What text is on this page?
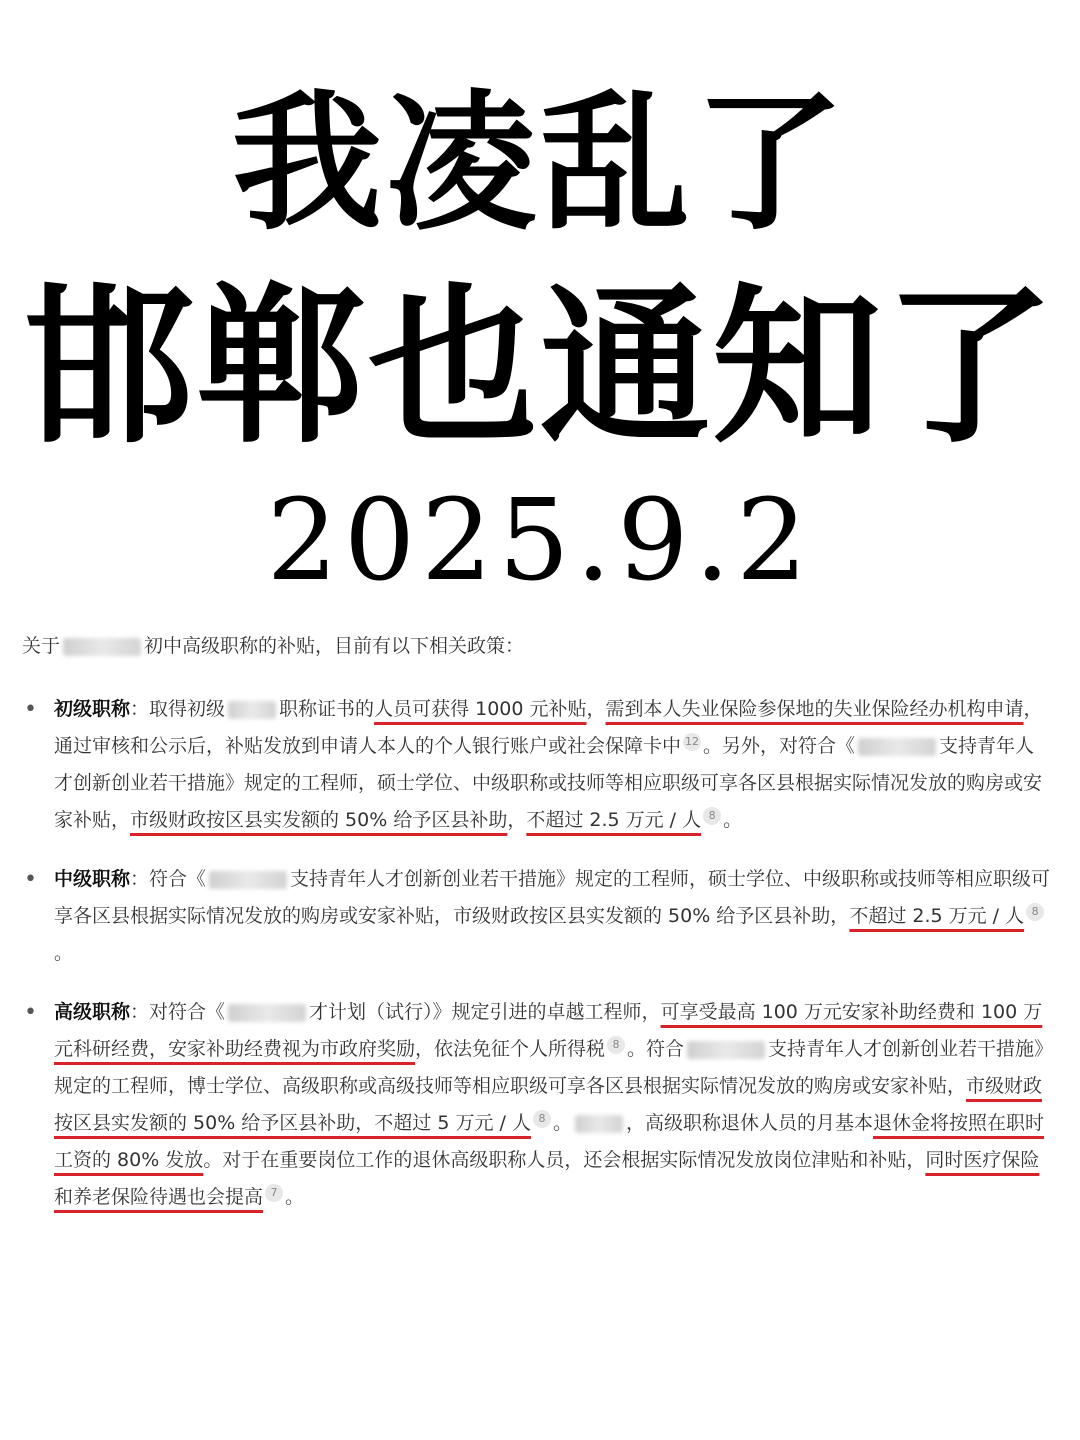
我凌乱了
邯郸也通知了
2025.9.2

关于	初中高级职称的补贴，目前有以下相关政策：

• 初级职称：取得初级	职称证书的人员可获得 1000 元补贴，需到本人失业保险参保地的失业保险经办机构申请，通过审核和公示后，补贴发放到申请人本人的个人银行账户或社会保障卡中 12 。另外，对符合《	支持青年人才创新创业若干措施》规定的工程师，硕士学位、中级职称或技师等相应职级可享各区县根据实际情况发放的购房或安家补贴，市级财政按区县实发额的 50% 给予区县补助，不超过 2.5 万元 / 人 8 。
• 中级职称：符合《	支持青年人才创新创业若干措施》规定的工程师，硕士学位、中级职称或技师等相应职级可享各区县根据实际情况发放的购房或安家补贴，市级财政按区县实发额的 50% 给予区县补助，不超过 2.5 万元 / 人 8。
• 高级职称：对符合《	才计划（试行）》规定引进的卓越工程师，可享受最高 100 万元安家补助经费和 100 万元科研经费，安家补助经费视为市政府奖励，依法免征个人所得税 8 。符合	支持青年人才创新创业若干措施》规定的工程师，博士学位、高级职称或高级技师等相应职级可享各区县根据实际情况发放的购房或安家补贴，市级财政按区县实发额的 50% 给予区县补助，不超过 5 万元 / 人 8 。	，高级职称退休人员的月基本退休金将按照在职时工资的 80% 发放。对于在重要岗位工作的退休高级职称人员，还会根据实际情况发放岗位津贴和补贴，同时医疗保险和养老保险待遇也会提高 7 。
